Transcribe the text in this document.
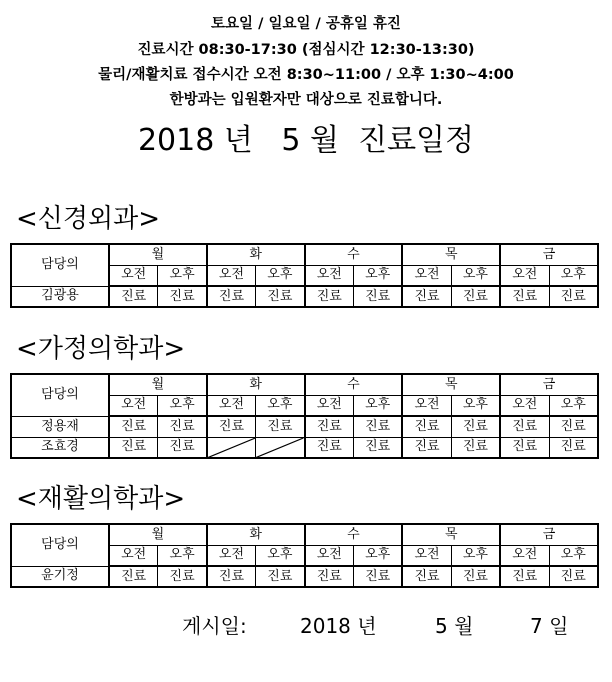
토요일 / 일요일 / 공휴일 휴진
진료시간 08:30-17:30 (점심시간 12:30-13:30)
물리/재활치료 접수시간 오전 8:30~11:00 / 오후 1:30~4:00
한방과는 입원환자만 대상으로 진료합니다.
2018 년   5 월  진료일정
<신경외과>
담당의	월		화		수		목		금	
	오전	오후	오전	오후	오전	오후	오전	오후	오전	오후
김광용	진료	진료	진료	진료	진료	진료	진료	진료	진료	진료
<가정의학과>
담당의	월		화		수		목		금	
	오전	오후	오전	오후	오전	오후	오전	오후	오전	오후
정용재	진료	진료	진료	진료	진료	진료	진료	진료	진료	진료
조효경	진료	진료			진료	진료	진료	진료	진료	진료
<재활의학과>
담당의	월		화		수		목		금	
	오전	오후	오전	오후	오전	오후	오전	오후	오전	오후
윤기정	진료	진료	진료	진료	진료	진료	진료	진료	진료	진료
게시일:	2018 년	5 월	7 일
